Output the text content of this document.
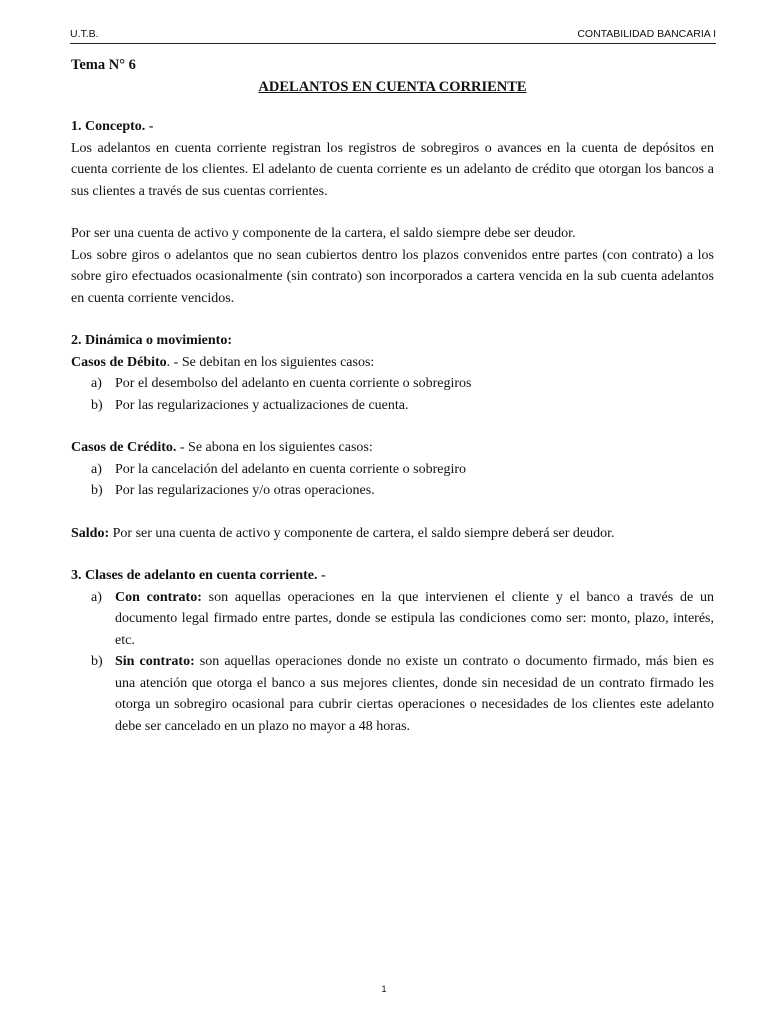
U.T.B.	CONTABILIDAD BANCARIA I

Tema N° 6

ADELANTOS EN CUENTA CORRIENTE

1. Concepto. -

Los adelantos en cuenta corriente registran los registros de sobregiros o avances en la cuenta de depósitos en cuenta corriente de los clientes. El adelanto de cuenta corriente es un adelanto de crédito que otorgan los bancos a sus clientes a través de sus cuentas corrientes.

Por ser una cuenta de activo y componente de la cartera, el saldo siempre debe ser deudor.

Los sobre giros o adelantos que no sean cubiertos dentro los plazos convenidos entre partes (con contrato) a los sobre giro efectuados ocasionalmente (sin contrato) son incorporados a cartera vencida en la sub cuenta adelantos en cuenta corriente vencidos.

2. Dinámica o movimiento:

Casos de Débito. - Se debitan en los siguientes casos:

a) Por el desembolso del adelanto en cuenta corriente o sobregiros
b) Por las regularizaciones y actualizaciones de cuenta.

Casos de Crédito. - Se abona en los siguientes casos:

a) Por la cancelación del adelanto en cuenta corriente o sobregiro
b) Por las regularizaciones y/o otras operaciones.

Saldo: Por ser una cuenta de activo y componente de cartera, el saldo siempre deberá ser deudor.

3. Clases de adelanto en cuenta corriente. -
a) Con contrato: son aquellas operaciones en la que intervienen el cliente y el banco a través de un documento legal firmado entre partes, donde se estipula las condiciones como ser: monto, plazo, interés, etc.
b) Sin contrato: son aquellas operaciones donde no existe un contrato o documento firmado, más bien es una atención que otorga el banco a sus mejores clientes, donde sin necesidad de un contrato firmado les otorga un sobregiro ocasional para cubrir ciertas operaciones o necesidades de los clientes este adelanto debe ser cancelado en un plazo no mayor a 48 horas.
1
